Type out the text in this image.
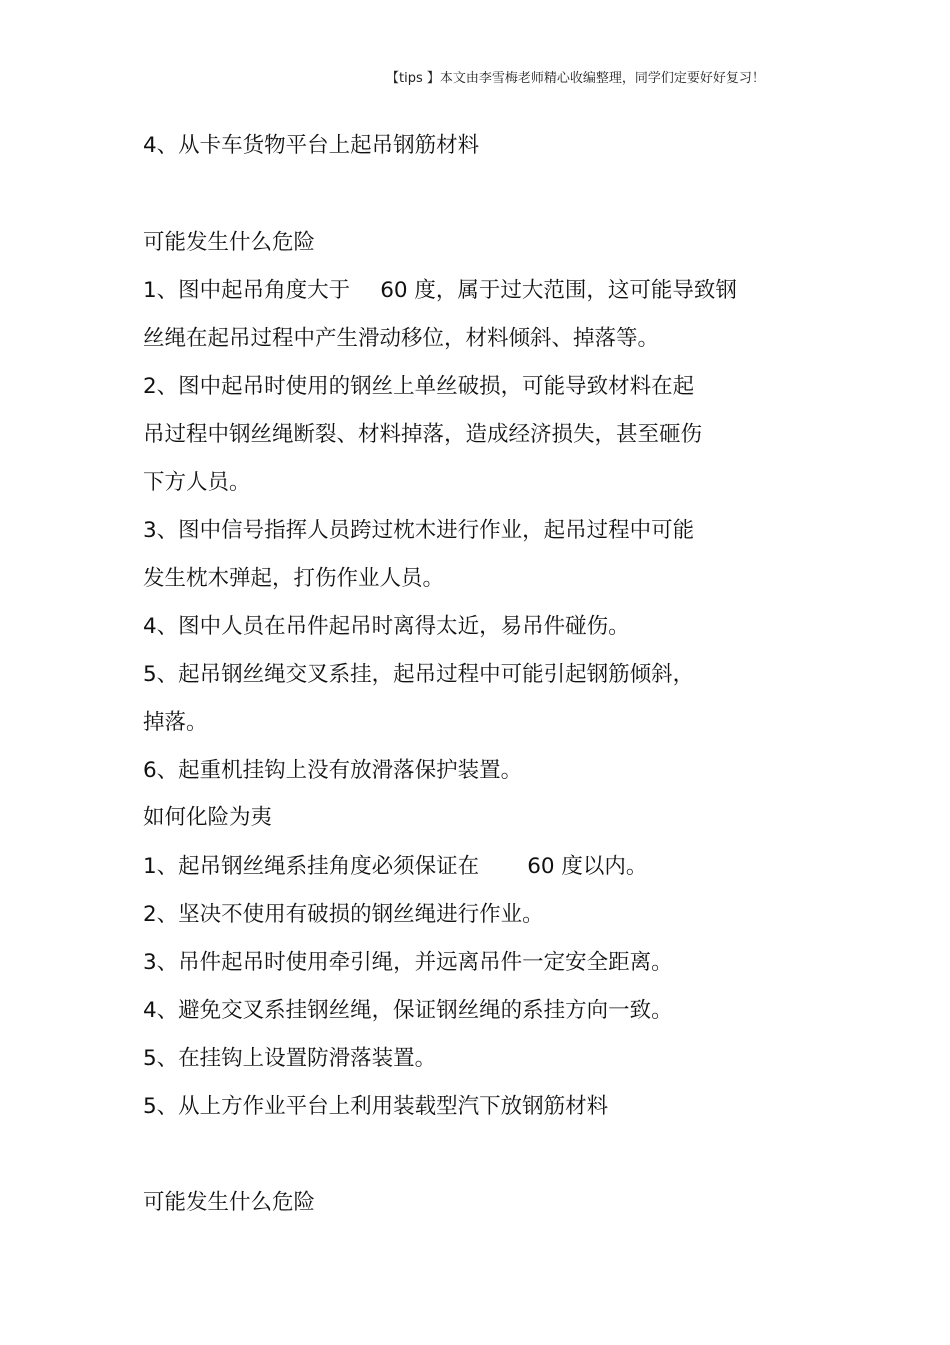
【tips 】本文由李雪梅老师精心收编整理，同学们定要好好复习！
4、从卡车货物平台上起吊钢筋材料
可能发生什么危险
1、图中起吊角度大于 60 度，属于过大范围，这可能导致钢
丝绳在起吊过程中产生滑动移位，材料倾斜、掉落等。
2、图中起吊时使用的钢丝上单丝破损，可能导致材料在起
吊过程中钢丝绳断裂、材料掉落，造成经济损失，甚至砸伤
下方人员。
3、图中信号指挥人员跨过枕木进行作业，起吊过程中可能
发生枕木弹起，打伤作业人员。
4、图中人员在吊件起吊时离得太近，易吊件碰伤。
5、起吊钢丝绳交叉系挂，起吊过程中可能引起钢筋倾斜，
掉落。
6、起重机挂钩上没有放滑落保护装置。
如何化险为夷
1、起吊钢丝绳系挂角度必须保证在 60 度以内。
2、坚决不使用有破损的钢丝绳进行作业。
3、吊件起吊时使用牵引绳，并远离吊件一定安全距离。
4、避免交叉系挂钢丝绳，保证钢丝绳的系挂方向一致。
5、在挂钩上设置防滑落装置。
5、从上方作业平台上利用装载型汽下放钢筋材料
可能发生什么危险
